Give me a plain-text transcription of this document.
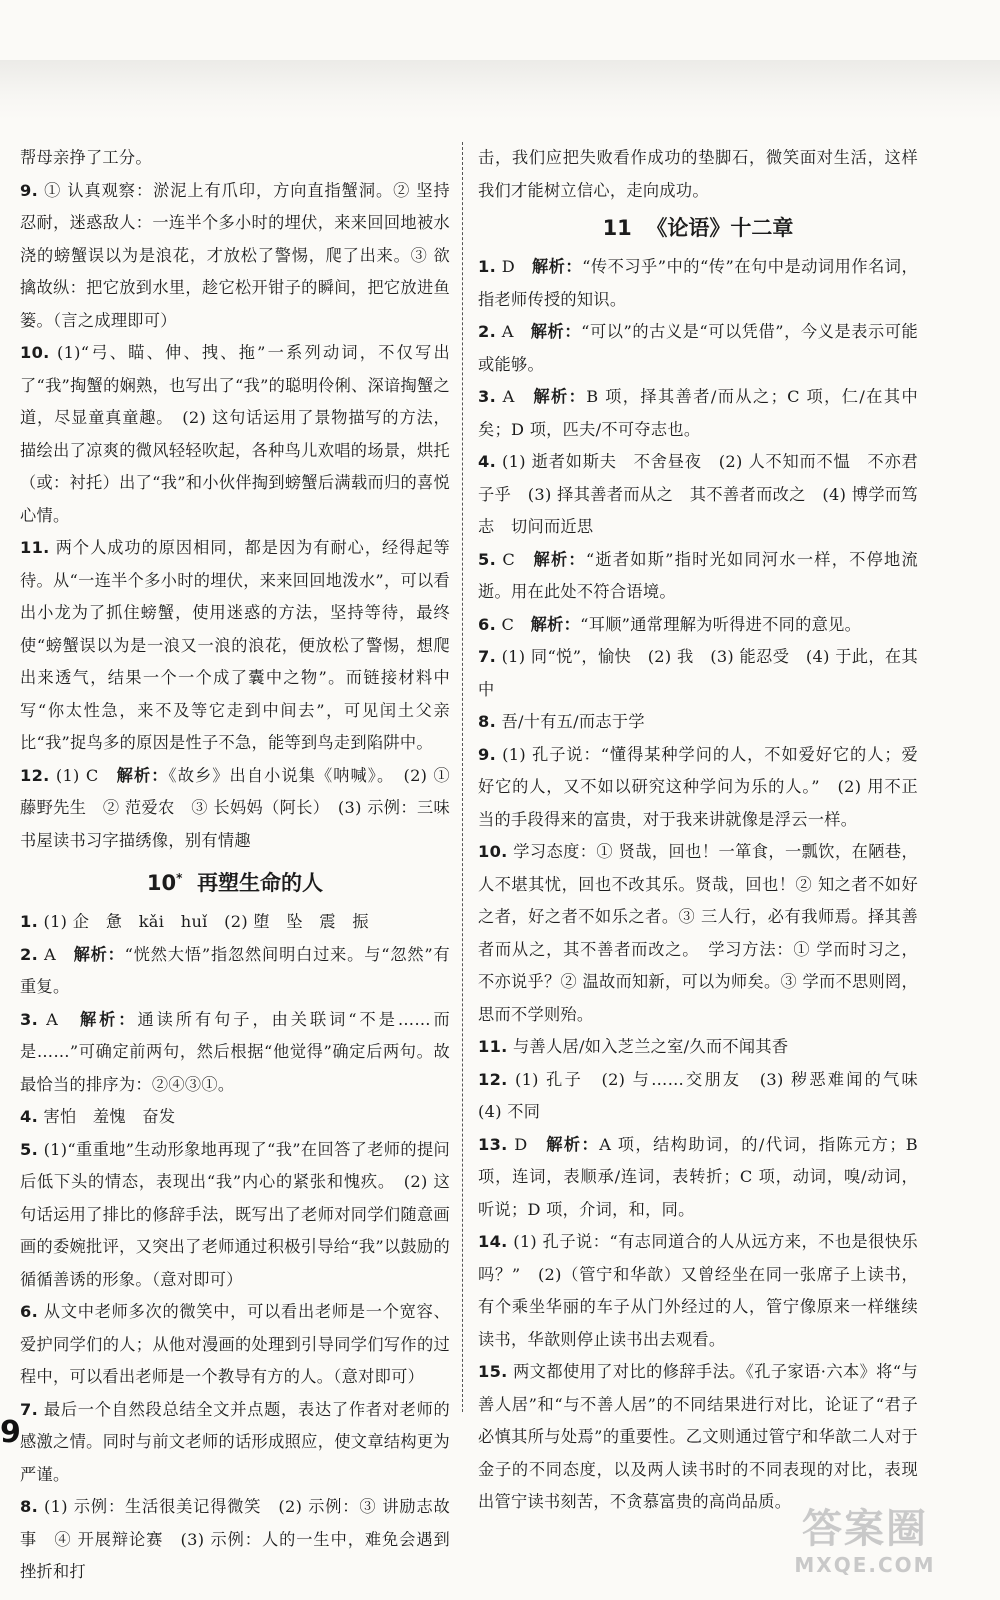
帮母亲挣了工分。

9. ① 认真观察：淤泥上有爪印，方向直指蟹洞。② 坚持忍耐，迷惑敌人：一连半个多小时的埋伏，来来回回地被水浇的螃蟹误以为是浪花，才放松了警惕，爬了出来。③ 欲擒故纵：把它放到水里，趁它松开钳子的瞬间，把它放进鱼篓。（言之成理即可）

10. (1)“弓、瞄、伸、拽、拖”一系列动词，不仅写出了“我”掏蟹的娴熟，也写出了“我”的聪明伶俐、深谙掏蟹之道，尽显童真童趣。　(2) 这句话运用了景物描写的方法，描绘出了凉爽的微风轻轻吹起，各种鸟儿欢唱的场景，烘托（或：衬托）出了“我”和小伙伴掏到螃蟹后满载而归的喜悦心情。

11. 两个人成功的原因相同，都是因为有耐心，经得起等待。从“一连半个多小时的埋伏，来来回回地泼水”，可以看出小龙为了抓住螃蟹，使用迷惑的方法，坚持等待，最终使“螃蟹误以为是一浪又一浪的浪花，便放松了警惕，想爬出来透气，结果一个一个成了囊中之物”。而链接材料中写“你太性急，来不及等它走到中间去”，可见闰土父亲比“我”捉鸟多的原因是性子不急，能等到鸟走到陷阱中。

12. (1) C　解析：《故乡》出自小说集《呐喊》。　(2) ① 藤野先生　② 范爱农　③ 长妈妈（阿长）　(3) 示例：三味书屋读书习字描绣像，别有情趣

10* 再塑生命的人

1. (1) 企　惫　kǎi　huǐ　(2) 堕　坠　震　振

2. A　解析：“恍然大悟”指忽然间明白过来。与“忽然”有重复。

3. A　解析：通读所有句子，由关联词“不是……而是……”可确定前两句，然后根据“他觉得”确定后两句。故最恰当的排序为：②④③①。

4. 害怕　羞愧　奋发

5. (1)“重重地”生动形象地再现了“我”在回答了老师的提问后低下头的情态，表现出“我”内心的紧张和愧疚。　(2) 这句话运用了排比的修辞手法，既写出了老师对同学们随意画画的委婉批评，又突出了老师通过积极引导给“我”以鼓励的循循善诱的形象。（意对即可）

6. 从文中老师多次的微笑中，可以看出老师是一个宽容、爱护同学们的人；从他对漫画的处理到引导同学们写作的过程中，可以看出老师是一个教导有方的人。（意对即可）

7. 最后一个自然段总结全文并点题，表达了作者对老师的感激之情。同时与前文老师的话形成照应，使文章结构更为严谨。

8. (1) 示例：生活很美记得微笑　(2) 示例：③ 讲励志故事　④ 开展辩论赛　(3) 示例：人的一生中，难免会遇到挫折和打

击，我们应把失败看作成功的垫脚石，微笑面对生活，这样我们才能树立信心，走向成功。

11 《论语》十二章

1. D　解析：“传不习乎”中的“传”在句中是动词用作名词，指老师传授的知识。

2. A　解析：“可以”的古义是“可以凭借”，今义是表示可能或能够。

3. A　解析：B 项，择其善者/而从之；C 项，仁/在其中矣；D 项，匹夫/不可夺志也。

4. (1) 逝者如斯夫　不舍昼夜　(2) 人不知而不愠　不亦君子乎　(3) 择其善者而从之　其不善者而改之　(4) 博学而笃志　切问而近思

5. C　解析：“逝者如斯”指时光如同河水一样，不停地流逝。用在此处不符合语境。

6. C　解析：“耳顺”通常理解为听得进不同的意见。

7. (1) 同“悦”，愉快　(2) 我　(3) 能忍受　(4) 于此，在其中

8. 吾/十有五/而志于学

9. (1) 孔子说：“懂得某种学问的人，不如爱好它的人；爱好它的人，又不如以研究这种学问为乐的人。”　(2) 用不正当的手段得来的富贵，对于我来讲就像是浮云一样。

10. 学习态度：① 贤哉，回也！一箪食，一瓢饮，在陋巷，人不堪其忧，回也不改其乐。贤哉，回也！② 知之者不如好之者，好之者不如乐之者。③ 三人行，必有我师焉。择其善者而从之，其不善者而改之。　学习方法：① 学而时习之，不亦说乎？② 温故而知新，可以为师矣。③ 学而不思则罔，思而不学则殆。

11. 与善人居/如入芝兰之室/久而不闻其香

12. (1) 孔子　(2) 与……交朋友　(3) 秽恶难闻的气味　(4) 不同

13. D　解析：A 项，结构助词，的/代词，指陈元方；B 项，连词，表顺承/连词，表转折；C 项，动词，嗅/动词，听说；D 项，介词，和，同。

14. (1) 孔子说：“有志同道合的人从远方来，不也是很快乐吗？”　(2)（管宁和华歆）又曾经坐在同一张席子上读书，有个乘坐华丽的车子从门外经过的人，管宁像原来一样继续读书，华歆则停止读书出去观看。

15. 两文都使用了对比的修辞手法。《孔子家语·六本》将“与善人居”和“与不善人居”的不同结果进行对比，论证了“君子必慎其所与处焉”的重要性。乙文则通过管宁和华歆二人对于金子的不同态度，以及两人读书时的不同表现的对比，表现出管宁读书刻苦，不贪慕富贵的高尚品质。

9
答案圈
MXQE.COM
